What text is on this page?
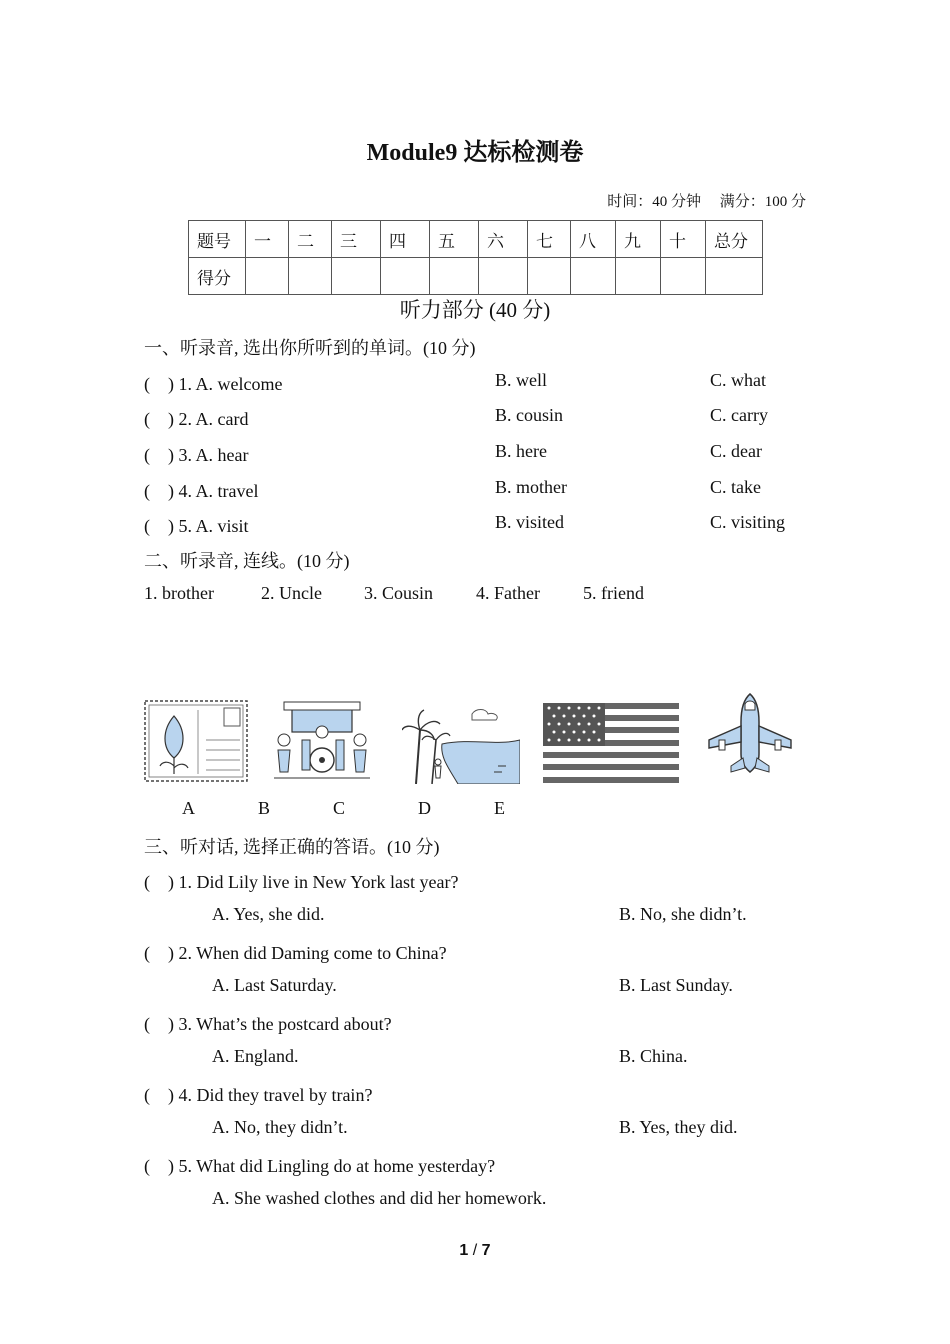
Module9 达标检测卷
时间：40 分钟　 满分：100 分
题号	一	二	三	四	五	六	七	八	九	十	总分
得分											
听力部分 (40 分)
一、听录音, 选出你所听到的单词。(10 分)
(　) 1. A. welcome	B. well	C. what
(　) 2. A. card	B. cousin	C. carry
(　) 3. A. hear	B. here	C. dear
(　) 4. A. travel	B. mother	C. take
(　) 5. A. visit	B. visited	C. visiting
二、听录音, 连线。(10 分)
1. brother	2. Uncle 3. Cousin 4. Father 5. friend
A	B	C	D	E
三、听对话, 选择正确的答语。(10 分)
(　) 1. Did Lily live in New York last year?
A. Yes, she did.	B. No, she didn’t.
(　) 2. When did Daming come to China?
A. Last Saturday.	B. Last Sunday.
(　) 3. What’s the postcard about?
A. England.	B. China.
(　) 4. Did they travel by train?
A. No, they didn’t.	B. Yes, they did.
(　) 5. What did Lingling do at home yesterday?
A. She washed clothes and did her homework.
1 / 7
